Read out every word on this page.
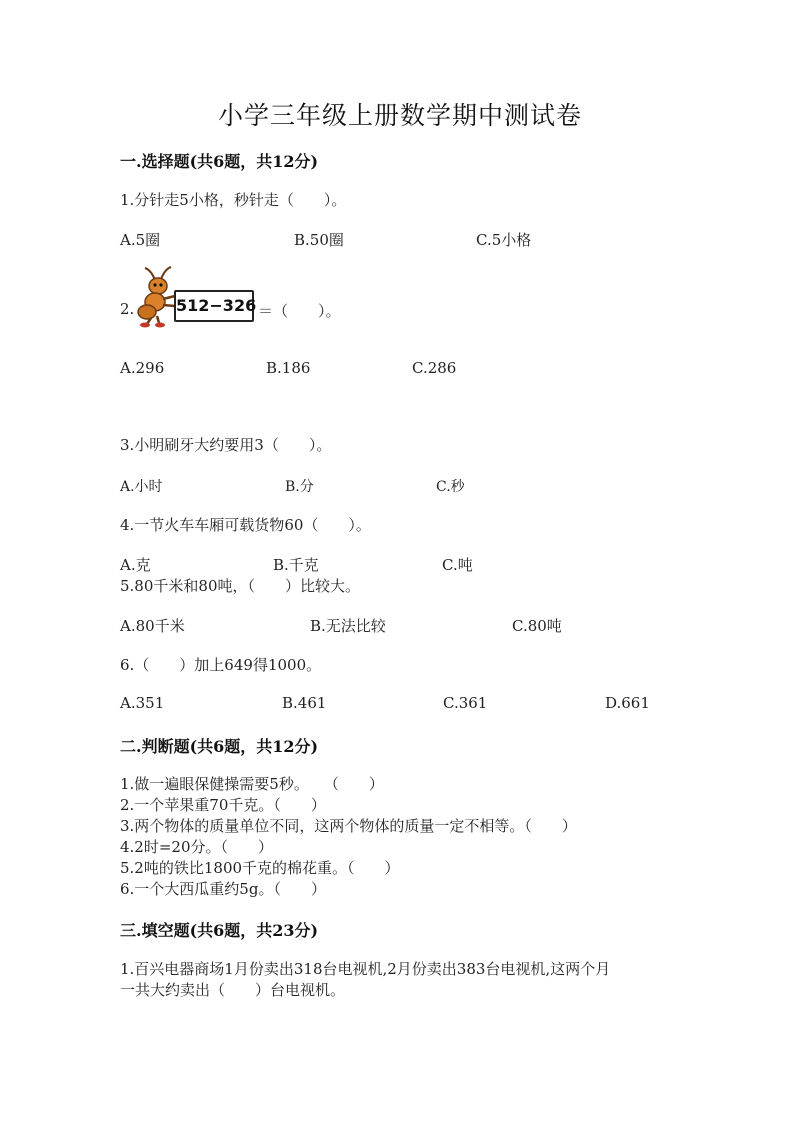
小学三年级上册数学期中测试卷
一.选择题(共6题，共12分)
1.分针走5小格，秒针走（　　）。
A.5圈	B.50圈	C.5小格
2.	512−326 ＝（　　）。
A.296	B.186	C.286
3.小明刷牙大约要用3（　　）。
A.小时	B.分	C.秒
4.一节火车车厢可载货物60（　　）。
A.克	B.千克	C.吨
5.80千米和80吨，（　　）比较大。
A.80千米	B.无法比较	C.80吨
6.（　　）加上649得1000。
A.351	B.461	C.361	D.661
二.判断题(共6题，共12分)
1.做一遍眼保健操需要5秒。　　（　　）
2.一个苹果重70千克。（　　）
3.两个物体的质量单位不同，这两个物体的质量一定不相等。（　　）
4.2时=20分。（　　）
5.2吨的铁比1800千克的棉花重。（　　）
6.一个大西瓜重约5g。（　　）
三.填空题(共6题，共23分)
1.百兴电器商场1月份卖出318台电视机,2月份卖出383台电视机,这两个月
一共大约卖出（　　）台电视机。
